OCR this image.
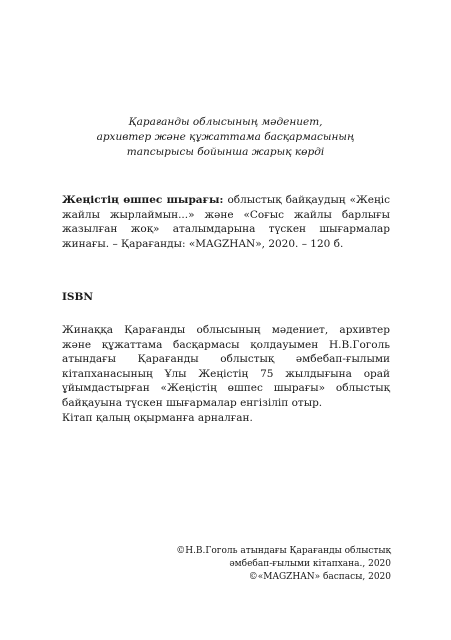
Қарағанды облысының мәдениет,
архивтер және құжаттама басқармасының
тапсырысы бойынша жарық көрді
Жеңістің өшпес шырағы: облыстық байқаудың «Жеңіс жайлы жырлаймын...» және «Соғыс жайлы барлығы жазылған жоқ» аталымдарына түскен шығармалар жинағы. – Қарағанды: «MAGZHAN», 2020. – 120 б.
ISBN

Жинаққа Қарағанды облысының мәдениет, архивтер және құжаттама басқармасы қолдауымен Н.В.Гоголь атындағы Қарағанды облыстық әмбебап-ғылыми кітапханасының Ұлы Жеңістің 75 жылдығына орай ұйымдастырған «Жеңістің өшпес шырағы» облыстық байқауына түскен шығармалар енгізіліп отыр.

Кітап қалың оқырманға арналған.

©Н.В.Гоголь атындағы Қарағанды облыстық
әмбебап-ғылыми кітапхана., 2020
©«MAGZHAN» баспасы, 2020
